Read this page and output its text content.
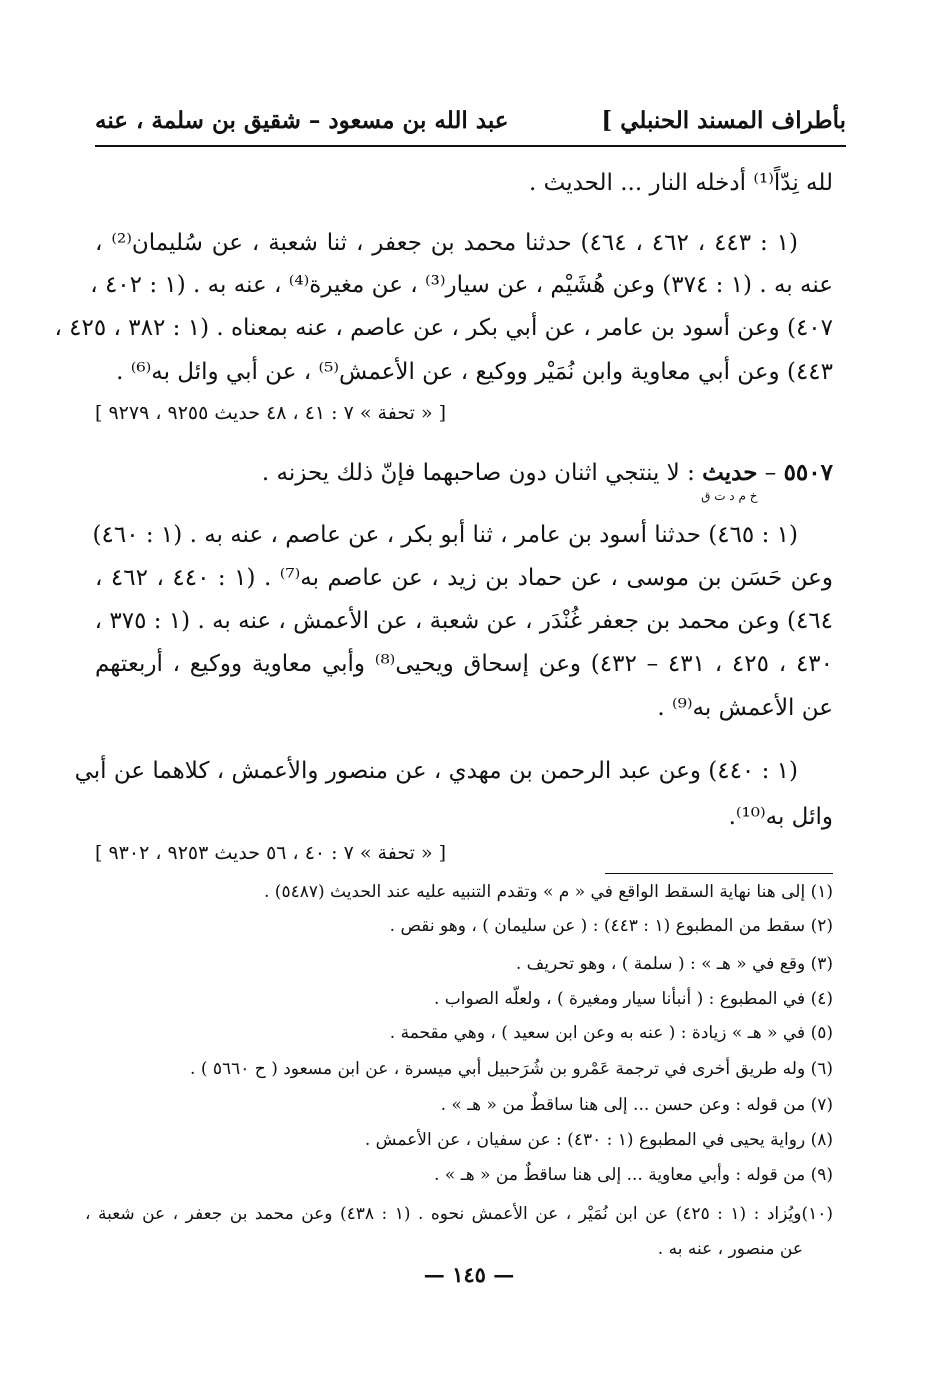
بأطراف المسند الحنبلي ]
عبد الله بن مسعود – شقيق بن سلمة ، عنه
لله نِدّاً⁽¹⁾ أدخله النار ... الحديث .
(١ : ٤٤٣ ، ٤٦٢ ، ٤٦٤) حدثنا محمد بن جعفر ، ثنا شعبة ، عن سُليمان⁽²⁾ ،
عنه به . (١ : ٣٧٤) وعن هُشَيْم ، عن سيار⁽³⁾ ، عن مغيرة⁽⁴⁾ ، عنه به . (١ : ٤٠٢ ،
٤٠٧) وعن أسود بن عامر ، عن أبي بكر ، عن عاصم ، عنه بمعناه . (١ : ٣٨٢ ، ٤٢٥ ،
٤٤٣) وعن أبي معاوية وابن نُمَيْر ووكيع ، عن الأعمش⁽⁵⁾ ، عن أبي وائل به⁽⁶⁾ .
[ « تحفة » ٧ : ٤١ ، ٤٨ حديث ٩٢٥٥ ، ٩٢٧٩ ]
٥٥٠٧ – حديث
خ م د ت ق
: لا ينتجي اثنان دون صاحبهما فإنّ ذلك يحزنه .
(١ : ٤٦٥) حدثنا أسود بن عامر ، ثنا أبو بكر ، عن عاصم ، عنه به . (١ : ٤٦٠)
وعن حَسَن بن موسى ، عن حماد بن زيد ، عن عاصم به⁽⁷⁾ . (١ : ٤٤٠ ، ٤٦٢ ،
٤٦٤) وعن محمد بن جعفر غُنْدَر ، عن شعبة ، عن الأعمش ، عنه به . (١ : ٣٧٥ ،
٤٣٠ ، ٤٢٥ ، ٤٣١ – ٤٣٢) وعن إسحاق ويحيى⁽⁸⁾ وأبي معاوية ووكيع ، أربعتهم
عن الأعمش به⁽⁹⁾ .
(١ : ٤٤٠) وعن عبد الرحمن بن مهدي ، عن منصور والأعمش ، كلاهما عن أبي
وائل به⁽¹⁰⁾.
[ « تحفة » ٧ : ٤٠ ، ٥٦ حديث ٩٢٥٣ ، ٩٣٠٢ ]
(١) إلى هنا نهاية السقط الواقع في « م » وتقدم التنبيه عليه عند الحديث (٥٤٨٧) .
(٢) سقط من المطبوع (١ : ٤٤٣) : ( عن سليمان ) ، وهو نقص .
(٣) وقع في « هـ » : ( سلمة ) ، وهو تحريف .
(٤) في المطبوع : ( أنبأنا سيار ومغيرة ) ، ولعلّه الصواب .
(٥) في « هـ » زيادة : ( عنه به وعن ابن سعيد ) ، وهي مقحمة .
(٦) وله طريق أخرى في ترجمة عَمْرو بن شُرَحبيل أبي ميسرة ، عن ابن مسعود ( ح ٥٦٦٠ ) .
(٧) من قوله : وعن حسن ... إلى هنا ساقطٌ من « هـ » .
(٨) رواية يحيى في المطبوع (١ : ٤٣٠) : عن سفيان ، عن الأعمش .
(٩) من قوله : وأبي معاوية ... إلى هنا ساقطٌ من « هـ » .
(١٠)ويُزاد : (١ : ٤٢٥) عن ابن نُمَيْر ، عن الأعمش نحوه . (١ : ٤٣٨) وعن محمد بن جعفر ، عن شعبة ،
عن منصور ، عنه به .
— ١٤٥ —
